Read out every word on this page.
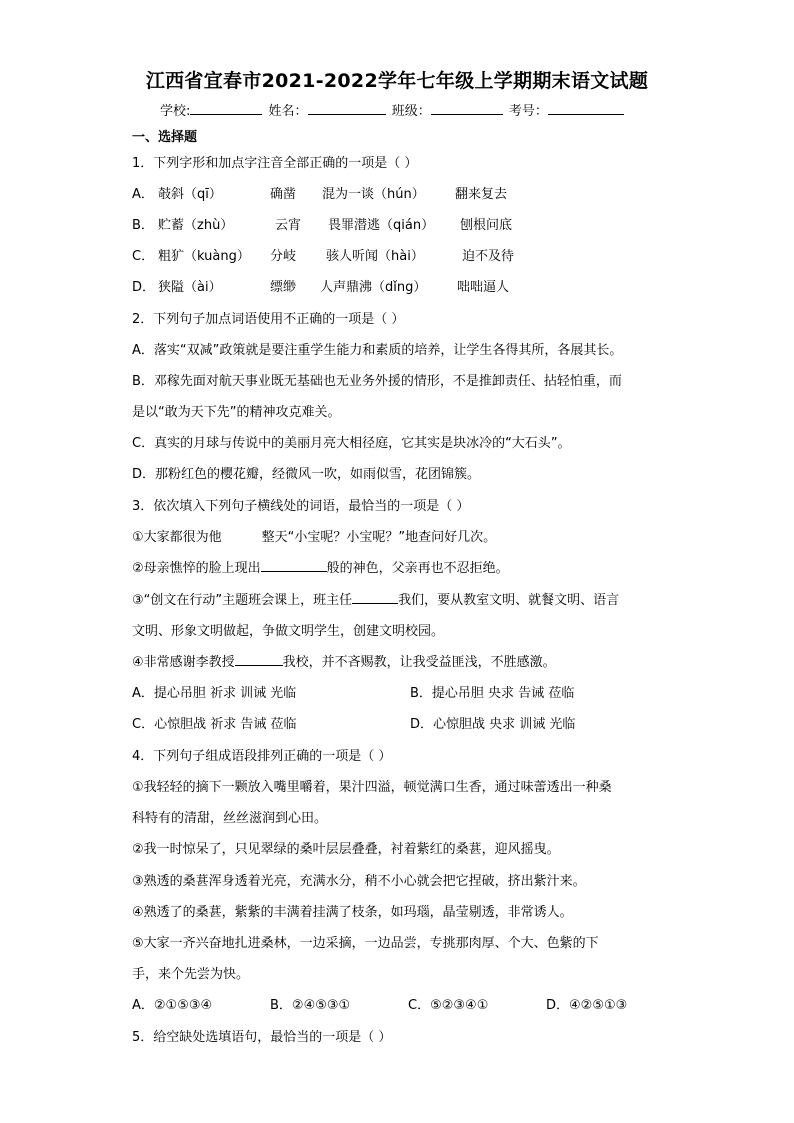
江西省宜春市2021-2022学年七年级上学期期末语文试题
学校:	姓名：	班级：	考号：
一、选择题
1．下列字形和加点字注音全部正确的一项是（ ）
A． 攲斜（qī）	确凿 混为一谈（hún） 翻来复去
B． 贮蓄（zhù）	云宵 畏罪潜逃（qián） 刨根问底
C． 粗犷（kuàng） 分岐 骇人听闻（hài）	迫不及待
D． 狭隘（ài）	缥缈 人声鼎沸（dǐng） 咄咄逼人
2．下列句子加点词语使用不正确的一项是（ ）
A．落实“双减”政策就是要注重学生能力和素质的培养，让学生各得其所，各展其长。
B．邓稼先面对航天事业既无基础也无业务外援的情形，不是推卸责任、拈轻怕重，而
是以“敢为天下先”的精神攻克难关。
C．真实的月球与传说中的美丽月亮大相径庭，它其实是块冰冷的“大石头”。
D．那粉红色的樱花瓣，经微风一吹，如雨似雪，花团锦簇。
3．依次填入下列句子横线处的词语，最恰当的一项是（ ）
①大家都很为他	整天“小宝呢？小宝呢？”地查问好几次。
②母亲憔悴的脸上现出	般的神色，父亲再也不忍拒绝。
③“创文在行动”主题班会课上，班主任	我们，要从教室文明、就餐文明、语言
文明、形象文明做起，争做文明学生，创建文明校园。
④非常感谢李教授	我校，并不吝赐教，让我受益匪浅，不胜感激。
A．提心吊胆 祈求 训诫 光临	B．提心吊胆 央求 告诫 莅临
C．心惊胆战 祈求 告诫 莅临	D．心惊胆战 央求 训诫 光临
4．下列句子组成语段排列正确的一项是（ ）
①我轻轻的摘下一颗放入嘴里嚼着，果汁四溢，顿觉满口生香，通过味蕾透出一种桑
科特有的清甜，丝丝滋润到心田。
②我一时惊呆了，只见翠绿的桑叶层层叠叠，衬着紫红的桑葚，迎风摇曳。
③熟透的桑葚浑身透着光亮，充满水分，稍不小心就会把它捏破，挤出紫汁来。
④熟透了的桑葚，紫紫的丰满着挂满了枝条，如玛瑙，晶莹剔透，非常诱人。
⑤大家一齐兴奋地扎进桑林，一边采摘，一边品尝，专挑那肉厚、个大、色紫的下
手，来个先尝为快。
A．②①⑤③④	B．②④⑤③①	C．⑤②③④①	D．④②⑤①③
5．给空缺处选填语句，最恰当的一项是（ ）
